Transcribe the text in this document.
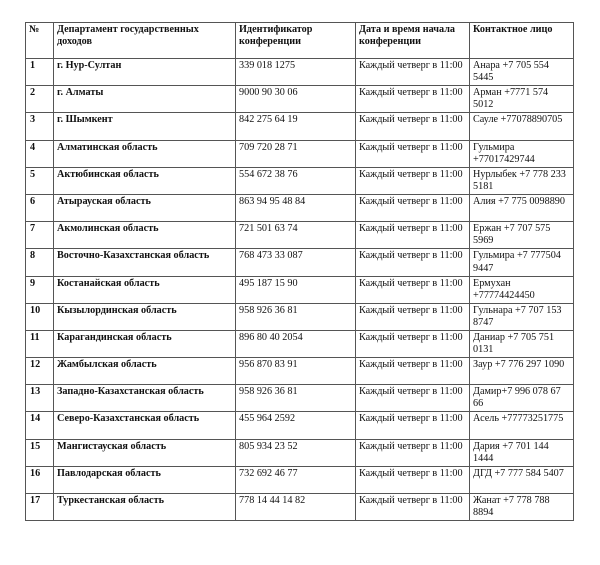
№	Департамент государственных доходов	Идентификатор конференции	Дата и время начала конференции	Контактное лицо
1	г. Нур-Султан	339 018 1275	Каждый четверг в 11:00	Анара +7 705 554 5445
2	г. Алматы	9000 90 30 06	Каждый четверг в 11:00	Арман +7771 574 5012
3	г. Шымкент	842 275 64 19	Каждый четверг в 11:00	Сауле +77078890705
4	Алматинская область	709 720 28 71	Каждый четверг в 11:00	Гульмира +77017429744
5	Актюбинская область	554 672 38 76	Каждый четверг в 11:00	Нурлыбек +7 778 233 5181
6	Атырауская область	863 94 95 48 84	Каждый четверг в 11:00	Алия +7 775 0098890
7	Акмолинская область	721 501 63 74	Каждый четверг в 11:00	Ержан +7 707 575 5969
8	Восточно-Казахстанская область	768 473 33 087	Каждый четверг в 11:00	Гульмира +7 777504 9447
9	Костанайская область	495 187 15 90	Каждый четверг в 11:00	Ермухан +77774424450
10	Кызылординская область	958 926 36 81	Каждый четверг в 11:00	Гульнара +7 707 153 8747
11	Карагандинская область	896 80 40 2054	Каждый четверг в 11:00	Даниар +7 705 751 0131
12	Жамбылская область	956 870 83 91	Каждый четверг в 11:00	Заур +7 776 297 1090
13	Западно-Казахстанская область	958 926 36 81	Каждый четверг в 11:00	Дамир+7 996 078 67 66
14	Северо-Казахстанская область	455 964 2592	Каждый четверг в 11:00	Асель +77773251775
15	Мангистауская область	805 934 23 52	Каждый четверг в 11:00	Дария +7 701 144 1444
16	Павлодарская область	732 692 46 77	Каждый четверг в 11:00	ДГД +7 777 584 5407
17	Туркестанская область	778 14 44 14 82	Каждый четверг в 11:00	Жанат +7 778 788 8894
